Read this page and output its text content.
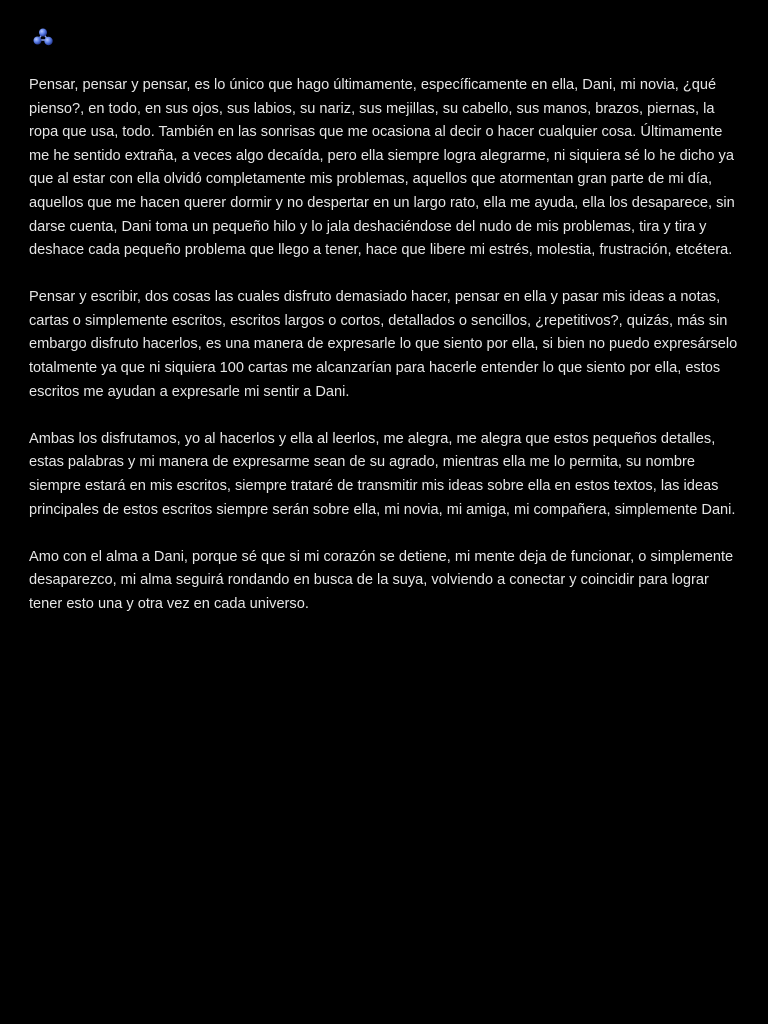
Pensar, pensar y pensar, es lo único que hago últimamente, específicamente en ella, Dani, mi novia, ¿qué pienso?, en todo, en sus ojos, sus labios, su nariz, sus mejillas, su cabello, sus manos, brazos, piernas, la ropa que usa, todo. También en las sonrisas que me ocasiona al decir o hacer cualquier cosa. Últimamente me he sentido extraña, a veces algo decaída, pero ella siempre logra alegrarme, ni siquiera sé lo he dicho ya que al estar con ella olvidó completamente mis problemas, aquellos que atormentan gran parte de mi día, aquellos que me hacen querer dormir y no despertar en un largo rato, ella me ayuda, ella los desaparece, sin darse cuenta, Dani toma un pequeño hilo y lo jala deshaciéndose del nudo de mis problemas, tira y tira y deshace cada pequeño problema que llego a tener, hace que libere mi estrés, molestia, frustración, etcétera.

Pensar y escribir, dos cosas las cuales disfruto demasiado hacer, pensar en ella y pasar mis ideas a notas, cartas o simplemente escritos, escritos largos o cortos, detallados o sencillos, ¿repetitivos?, quizás, más sin embargo disfruto hacerlos, es una manera de expresarle lo que siento por ella, si bien no puedo expresárselo totalmente ya que ni siquiera 100 cartas me alcanzarían para hacerle entender lo que siento por ella, estos escritos me ayudan a expresarle mi sentir a Dani.

Ambas los disfrutamos, yo al hacerlos y ella al leerlos, me alegra, me alegra que estos pequeños detalles, estas palabras y mi manera de expresarme sean de su agrado, mientras ella me lo permita, su nombre siempre estará en mis escritos, siempre trataré de transmitir mis ideas sobre ella en estos textos, las ideas principales de estos escritos siempre serán sobre ella, mi novia, mi amiga, mi compañera, simplemente Dani.

Amo con el alma a Dani, porque sé que si mi corazón se detiene, mi mente deja de funcionar, o simplemente desaparezco, mi alma seguirá rondando en busca de la suya, volviendo a conectar y coincidir para lograr tener esto una y otra vez en cada universo.
